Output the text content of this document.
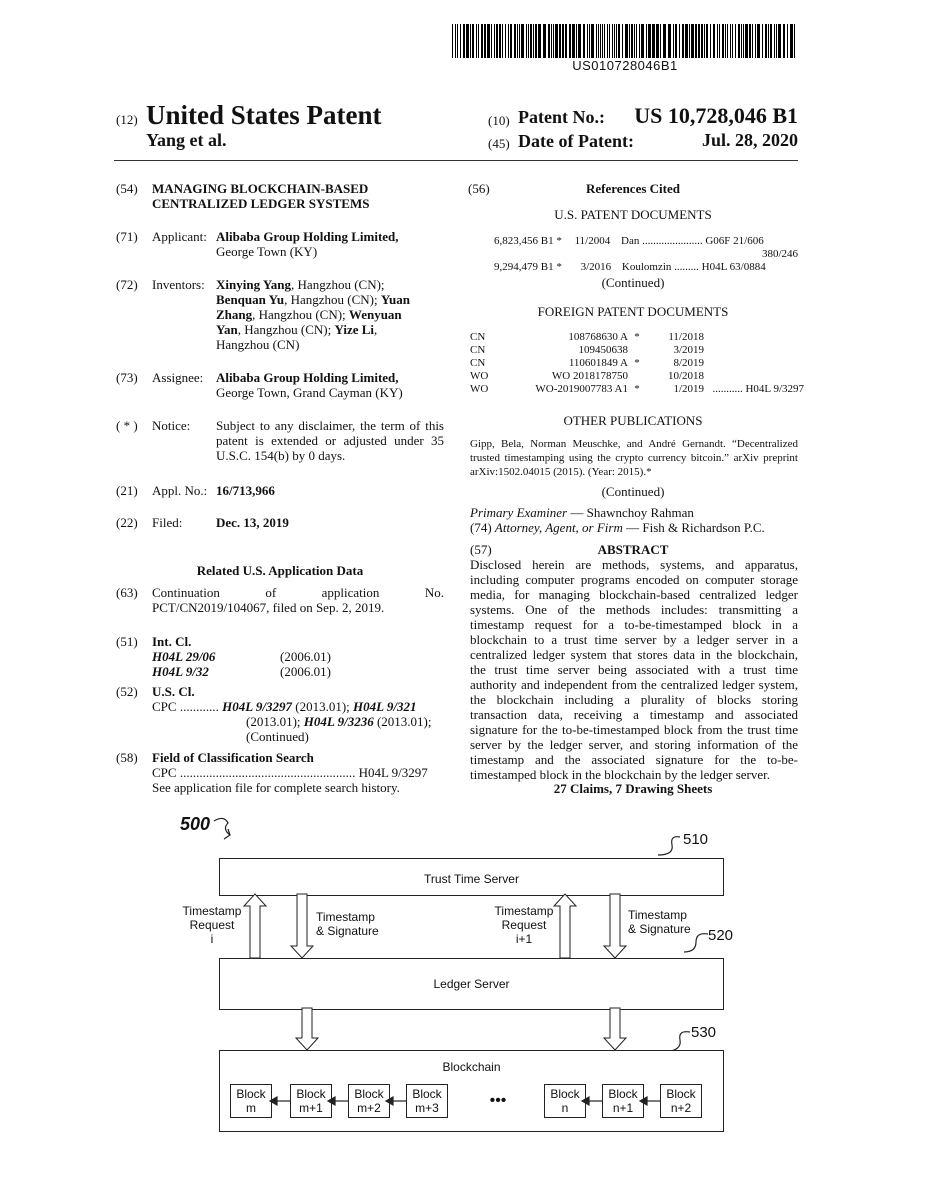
US010728046B1
(12) United States Patent
Yang et al.
(10) Patent No.:	US 10,728,046 B1
(45) Date of Patent:	Jul. 28, 2020
(54) MANAGING BLOCKCHAIN-BASED
CENTRALIZED LEDGER SYSTEMS
(71) Applicant: Alibaba Group Holding Limited,
George Town (KY)
(72) Inventors: Xinying Yang, Hangzhou (CN);
Benquan Yu, Hangzhou (CN); Yuan
Zhang, Hangzhou (CN); Wenyuan
Yan, Hangzhou (CN); Yize Li,
Hangzhou (CN)
(73) Assignee: Alibaba Group Holding Limited,
George Town, Grand Cayman (KY)
( * ) Notice: Subject to any disclaimer, the term of this patent is extended or adjusted under 35 U.S.C. 154(b) by 0 days.
(21) Appl. No.: 16/713,966
(22) Filed:	Dec. 13, 2019
Related U.S. Application Data
(63) Continuation	of	application	No.
PCT/CN2019/104067, filed on Sep. 2, 2019.
(51) Int. Cl.
H04L 29/06	(2006.01)
H04L 9/32	(2006.01)
(52) U.S. Cl.
CPC ............ H04L 9/3297 (2013.01); H04L 9/321
(2013.01); H04L 9/3236 (2013.01);
(Continued)
(58) Field of Classification Search
CPC ...................................................... H04L 9/3297
See application file for complete search history.
(56)	References Cited
U.S. PATENT DOCUMENTS
6,823,456 B1 * 11/2004 Dan ...................... G06F 21/606
380/246
9,294,479 B1 * 3/2016 Koulomzin ......... H04L 63/0884
(Continued)
FOREIGN PATENT DOCUMENTS
CN	108768630 A *	11/2018
CN	109450638	3/2019
CN	110601849 A *	8/2019
WO	WO 2018178750	10/2018
WO	WO-2019007783 A1 *	1/2019 ........... H04L 9/3297
OTHER PUBLICATIONS
Gipp, Bela, Norman Meuschke, and André Gernandt. “Decentralized trusted timestamping using the crypto currency bitcoin.” arXiv preprint arXiv:1502.04015 (2015). (Year: 2015).*
(Continued)
Primary Examiner — Shawnchoy Rahman
(74) Attorney, Agent, or Firm — Fish & Richardson P.C.
(57)	ABSTRACT
Disclosed herein are methods, systems, and apparatus, including computer programs encoded on computer storage media, for managing blockchain-based centralized ledger systems. One of the methods includes: transmitting a timestamp request for a to-be-timestamped block in a blockchain to a trust time server by a ledger server in a centralized ledger system that stores data in the blockchain, the trust time server being associated with a trust time authority and independent from the centralized ledger system, the blockchain including a plurality of blocks storing transaction data, receiving a timestamp and associated signature for the to-be-timestamped block from the trust time server by the ledger server, and storing information of the timestamp and the associated signature for the to-be-timestamped block in the blockchain by the ledger server.
27 Claims, 7 Drawing Sheets
500
510
520
530
Trust Time Server
Ledger Server
Blockchain
Timestamp
Request
i
Timestamp
& Signature
Timestamp
Request
i+1
Timestamp
& Signature
Block
m
Block
m+1
Block
m+2
Block
m+3	•••	Block
n
Block
n+1
Block
n+2
